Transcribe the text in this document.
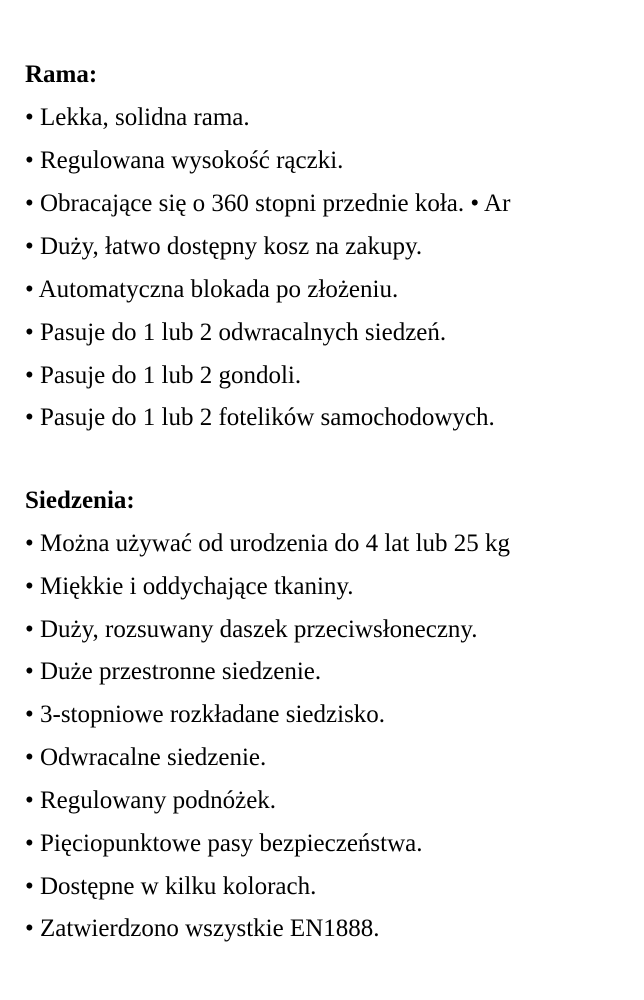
Rama:
• Lekka, solidna rama.
• Regulowana wysokość rączki.
• Obracające się o 360 stopni przednie koła. • Ar
• Duży, łatwo dostępny kosz na zakupy.
• Automatyczna blokada po złożeniu.
• Pasuje do 1 lub 2 odwracalnych siedzeń.
• Pasuje do 1 lub 2 gondoli.
• Pasuje do 1 lub 2 fotelików samochodowych.
Siedzenia:
• Można używać od urodzenia do 4 lat lub 25 kg
• Miękkie i oddychające tkaniny.
• Duży, rozsuwany daszek przeciwsłoneczny.
• Duże przestronne siedzenie.
• 3-stopniowe rozkładane siedzisko.
• Odwracalne siedzenie.
• Regulowany podnóżek.
• Pięciopunktowe pasy bezpieczeństwa.
• Dostępne w kilku kolorach.
• Zatwierdzono wszystkie EN1888.
